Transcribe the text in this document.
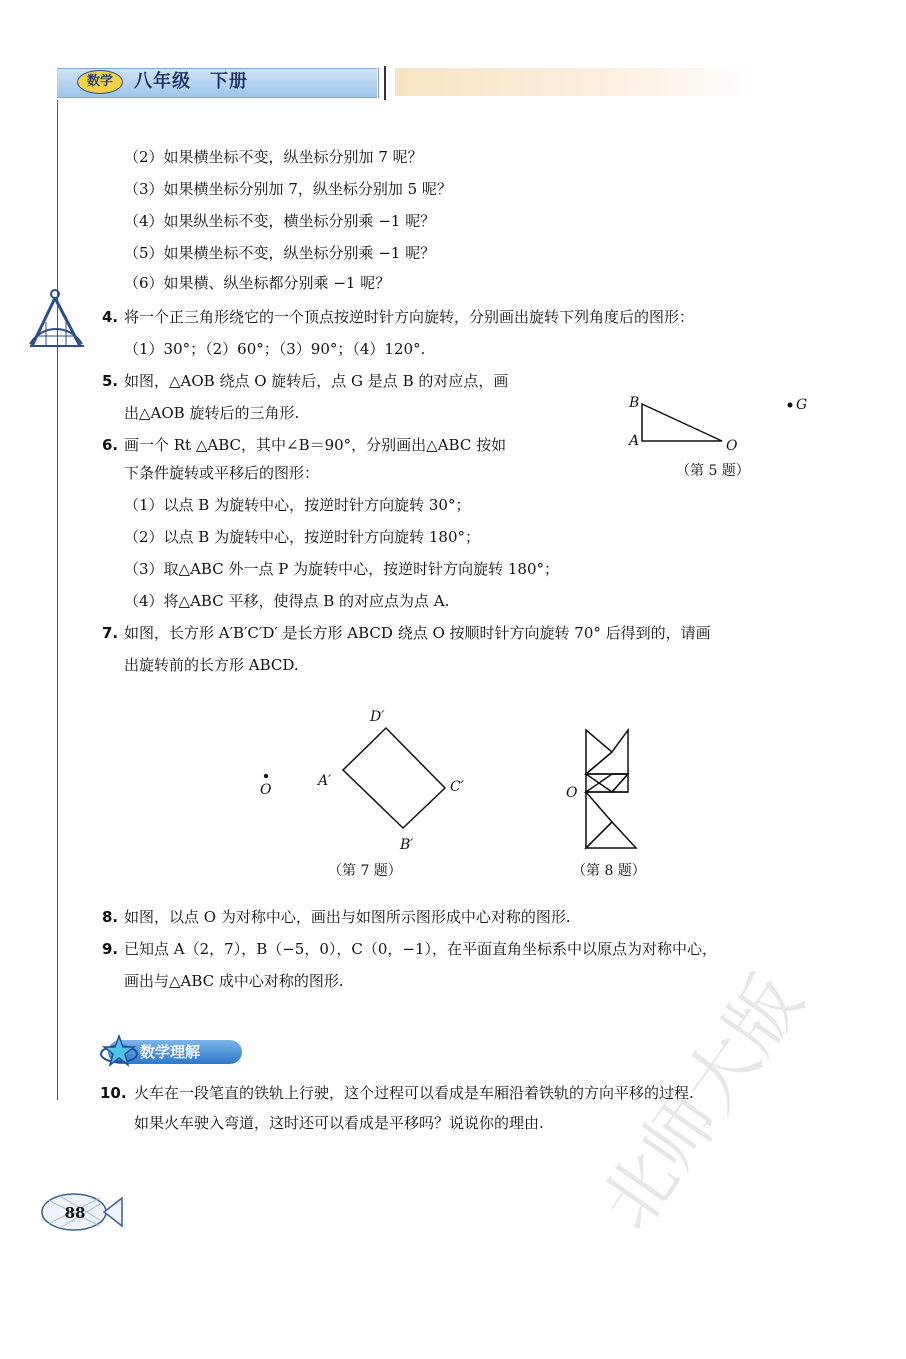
数学	八年级　下册
（2）如果横坐标不变，纵坐标分别加 7 呢？
（3）如果横坐标分别加 7，纵坐标分别加 5 呢？
（4）如果纵坐标不变，横坐标分别乘 −1 呢？
（5）如果横坐标不变，纵坐标分别乘 −1 呢？
（6）如果横、纵坐标都分别乘 −1 呢？
4. 将一个正三角形绕它的一个顶点按逆时针方向旋转，分别画出旋转下列角度后的图形：
（1）30°；（2）60°；（3）90°；（4）120°.
5. 如图，△AOB 绕点 O 旋转后，点 G 是点 B 的对应点，画
出△AOB 旋转后的三角形.
B
A	O
G
（第 5 题）
6. 画一个 Rt △ABC，其中∠B＝90°，分别画出△ABC 按如
下条件旋转或平移后的图形：
（1）以点 B 为旋转中心，按逆时针方向旋转 30°；
（2）以点 B 为旋转中心，按逆时针方向旋转 180°；
（3）取△ABC 外一点 P 为旋转中心，按逆时针方向旋转 180°；
（4）将△ABC 平移，使得点 B 的对应点为点 A.
7. 如图，长方形 A′B′C′D′ 是长方形 ABCD 绕点 O 按顺时针方向旋转 70° 后得到的，请画
出旋转前的长方形 ABCD.
D′
A′	C′
B′
O
（第 7 题）
O
（第 8 题）
8. 如图，以点 O 为对称中心，画出与如图所示图形成中心对称的图形.
9. 已知点 A（2，7），B（−5，0），C（0，−1），在平面直角坐标系中以原点为对称中心，
画出与△ABC 成中心对称的图形.
数学理解
10. 火车在一段笔直的铁轨上行驶，这个过程可以看成是车厢沿着铁轨的方向平移的过程.
如果火车驶入弯道，这时还可以看成是平移吗？说说你的理由.
88	北师大版
